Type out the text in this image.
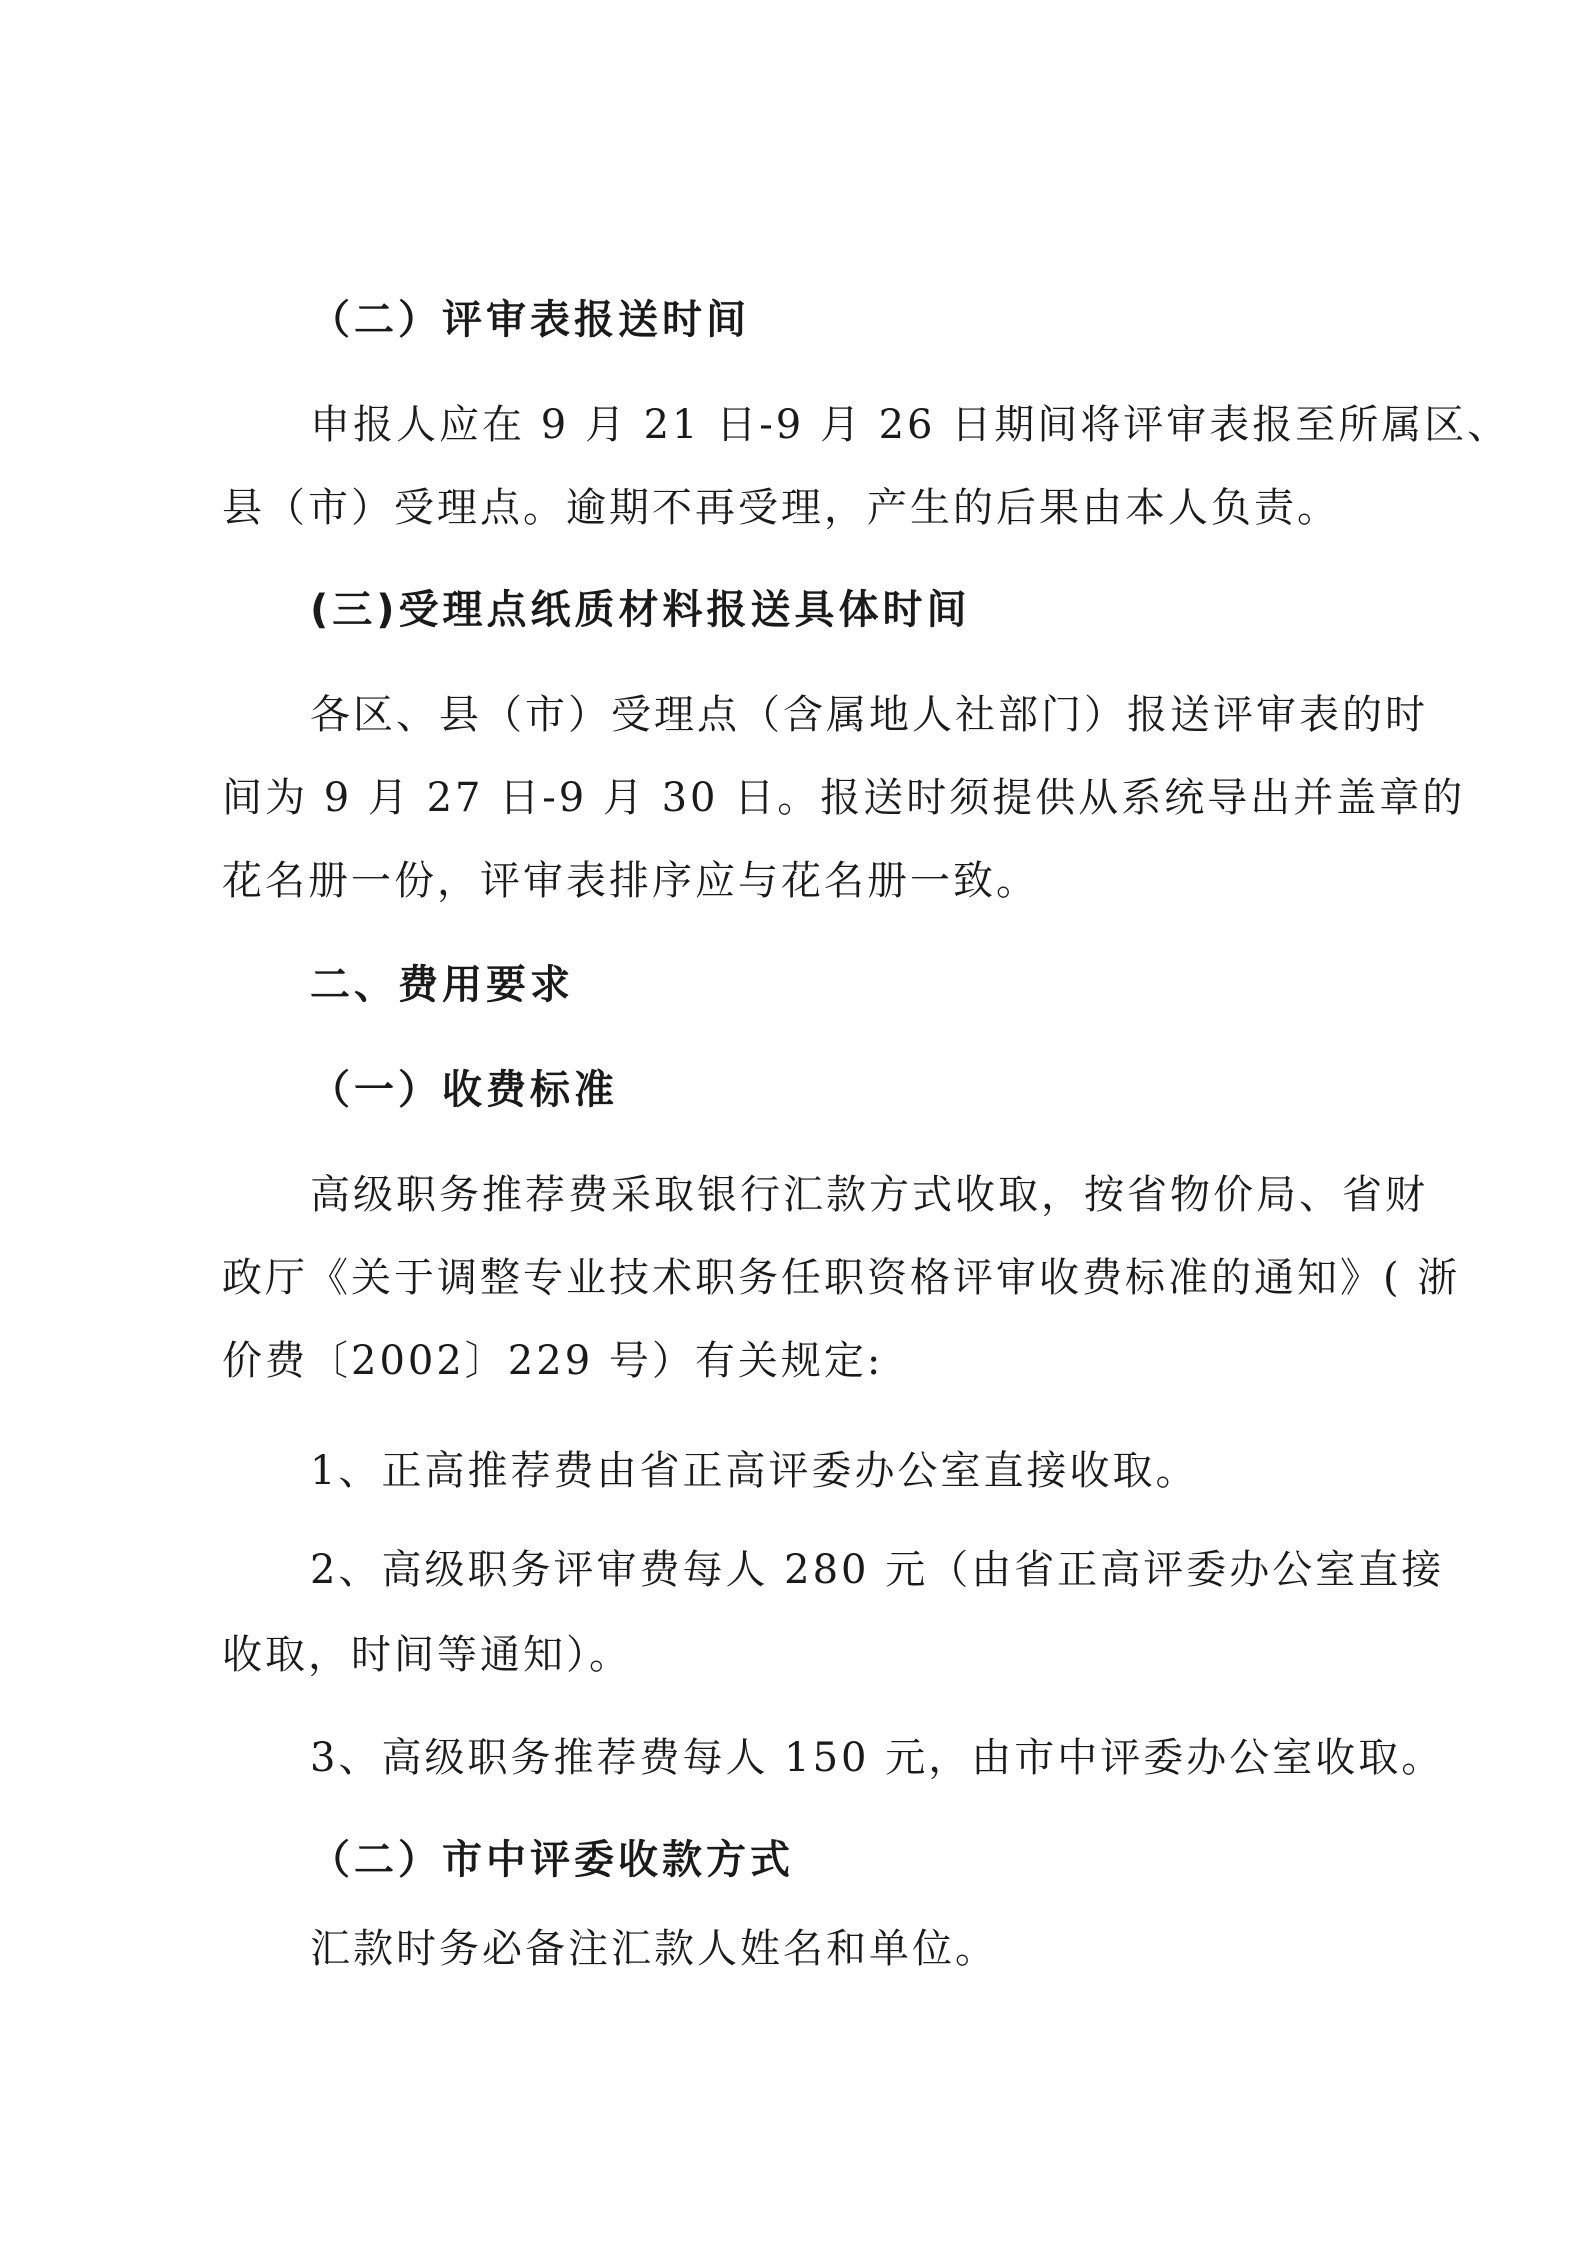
（二）评审表报送时间
申报人应在 9 月 21 日-9 月 26 日期间将评审表报至所属区、
县（市）受理点。逾期不再受理，产生的后果由本人负责。
(三)受理点纸质材料报送具体时间
各区、县（市）受理点（含属地人社部门）报送评审表的时
间为 9 月 27 日-9 月 30 日。报送时须提供从系统导出并盖章的
花名册一份，评审表排序应与花名册一致。
二、费用要求
（一）收费标准
高级职务推荐费采取银行汇款方式收取，按省物价局、省财
政厅《关于调整专业技术职务任职资格评审收费标准的通知》( 浙
价费〔2002〕229 号）有关规定:
1、正高推荐费由省正高评委办公室直接收取。
2、高级职务评审费每人 280 元（由省正高评委办公室直接
收取，时间等通知）。
3、高级职务推荐费每人 150 元，由市中评委办公室收取。
（二）市中评委收款方式
汇款时务必备注汇款人姓名和单位。
